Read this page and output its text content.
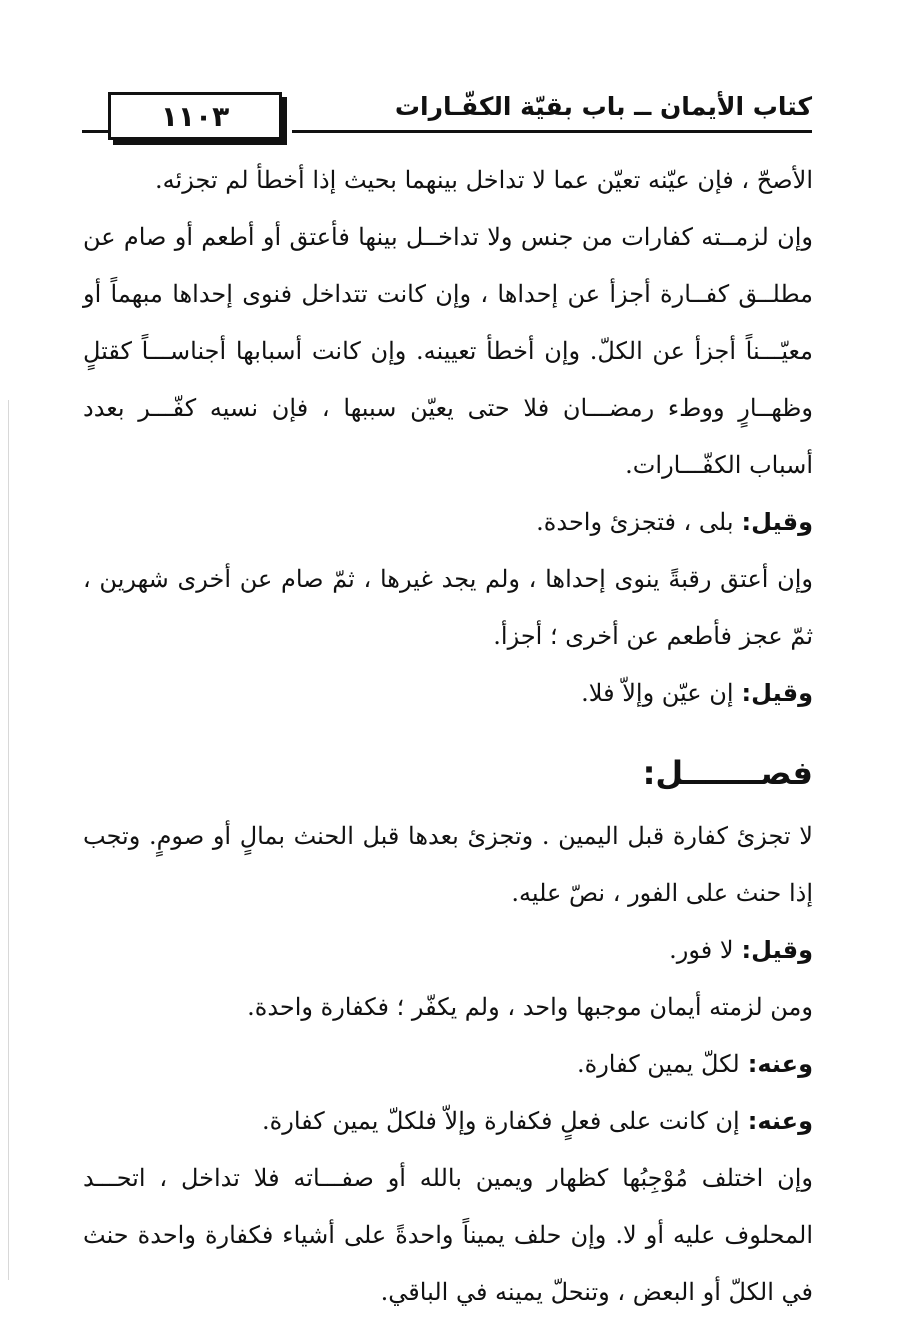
١١٠٣	كتاب الأيمان ــ باب بقيّة الكفّـارات

الأصحّ ، فإن عيّنه تعيّن عما لا تداخل بينهما بحيث إذا أخطأ لم تجزئه.

وإن لزمــته كفارات من جنس ولا تداخــل بينها فأعتق أو أطعم أو صام عن مطلــق كفــارة أجزأ عن إحداها ، وإن كانت تتداخل فنوى إحداها مبهماً أو معيّـــناً أجزأ عن الكلّ. وإن أخطأ تعيينه. وإن كانت أسبابها أجناســـاً كقتلٍ وظهــارٍ ووطء رمضـــان فلا حتى يعيّن سببها ، فإن نسيه كفّـــر بعدد أسباب الكفّـــارات.

وقيل:بلى ، فتجزئ واحدة.

وإن أعتق رقبةً ينوى إحداها ، ولم يجد غيرها ، ثمّ صام عن أخرى شهرين ، ثمّ عجز فأطعم عن أخرى ؛ أجزأ.

وقيل:إن عيّن وإلاّ فلا.

فصـــــــل:

لا تجزئ كفارة قبل اليمين . وتجزئ بعدها قبل الحنث بمالٍ أو صومٍ. وتجب إذا حنث على الفور ، نصّ عليه.

وقيل:لا فور.

ومن لزمته أيمان موجبها واحد ، ولم يكفّر ؛ فكفارة واحدة.

وعنه:لكلّ يمين كفارة.

وعنه:إن كانت على فعلٍ فكفارة وإلاّ فلكلّ يمين كفارة.

وإن اختلف مُوْجِبُها كظهار ويمين بالله أو صفـــاته فلا تداخل ، اتحـــد المحلوف عليه أو لا. وإن حلف يميناً واحدةً على أشياء فكفارة واحدة حنث في الكلّ أو البعض ، وتنحلّ يمينه في الباقي.
